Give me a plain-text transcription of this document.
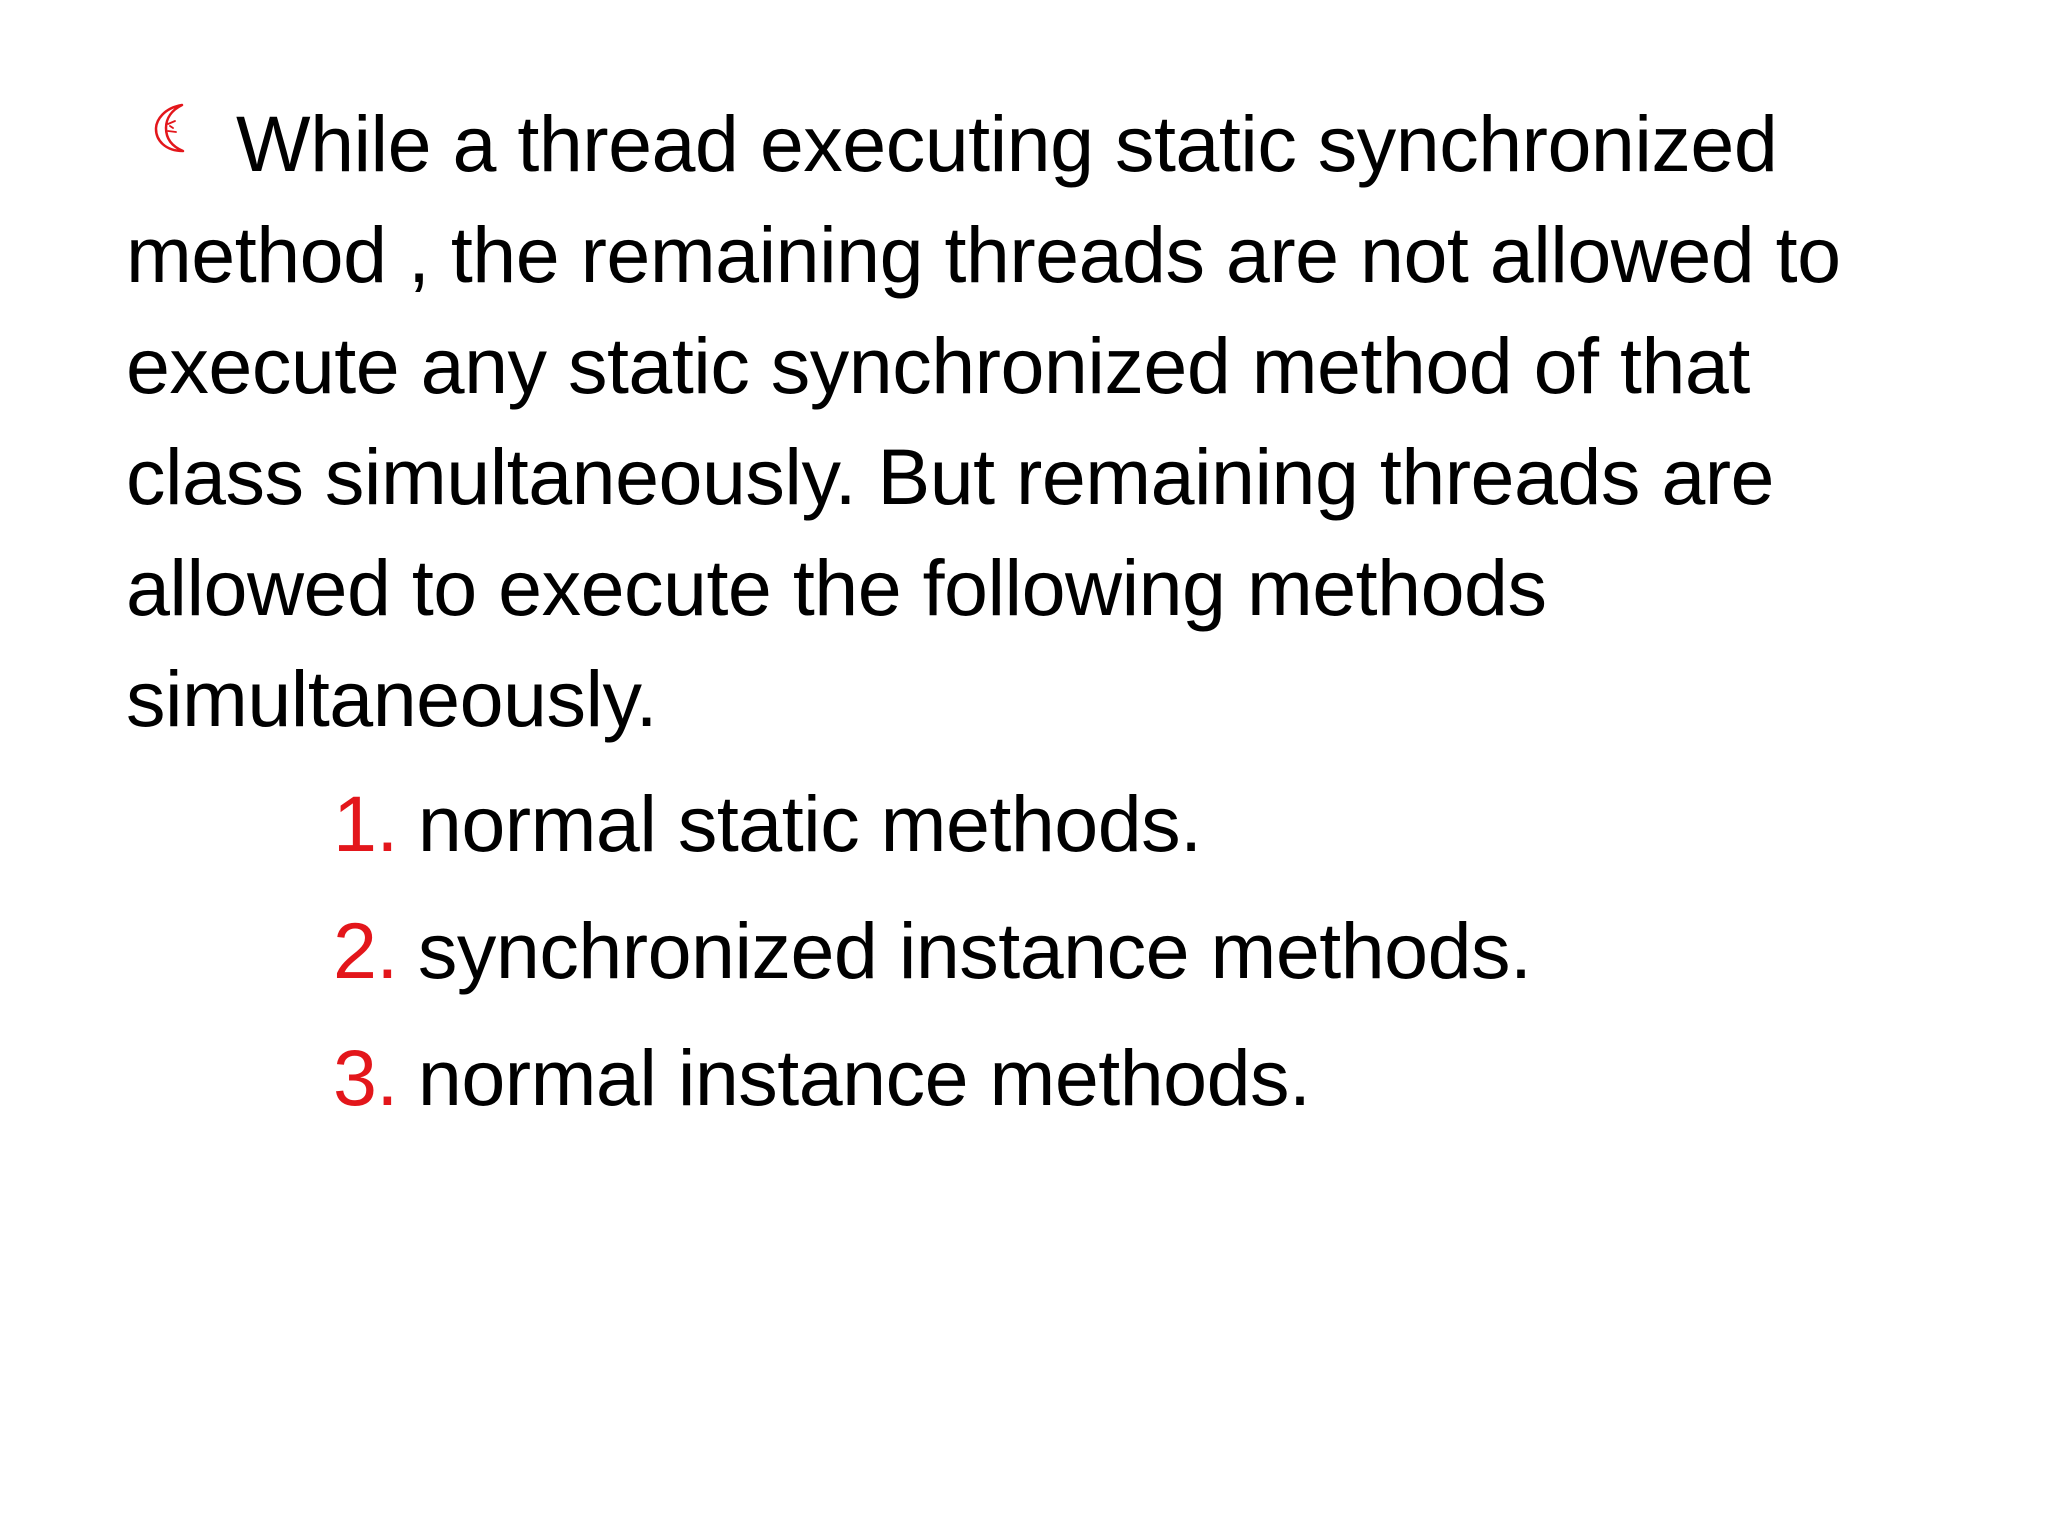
While a thread executing static synchronized method , the remaining threads are not allowed to execute any static synchronized method of that class simultaneously. But remaining threads are allowed to execute the following methods simultaneously.
1. normal static methods.
2. synchronized instance methods.
3. normal instance methods.
